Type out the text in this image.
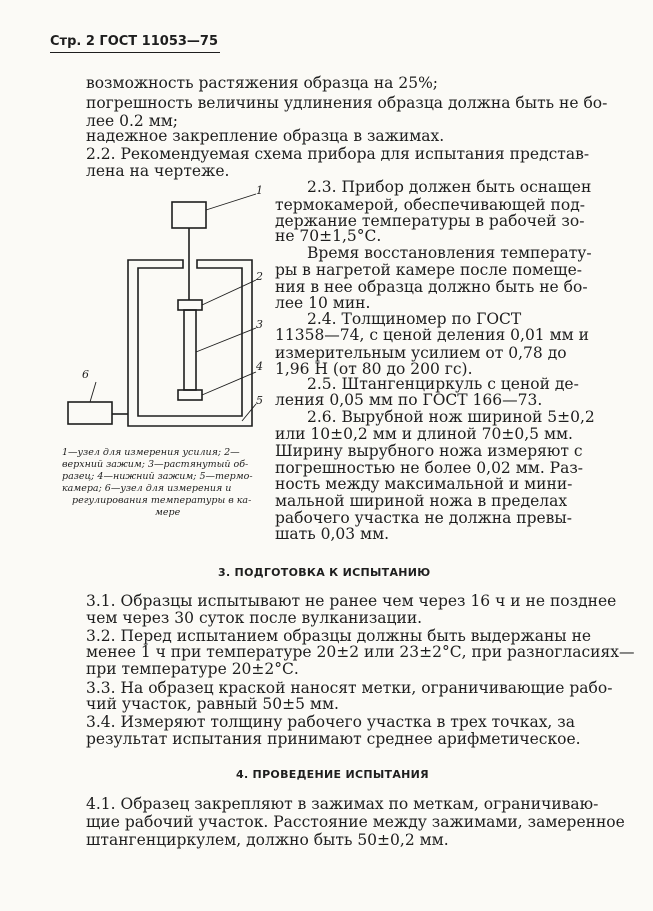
Стр. 2 ГОСТ 11053—75
возможность растяжения образца на 25%;
погрешность величины удлинения образца должна быть не бо-
лее 0.2 мм;
надежное закрепление образца в зажимах.
2.2. Рекомендуемая схема прибора для испытания представ-
лена на чертеже.
2.3. Прибор должен быть оснащен
термокамерой, обеспечивающей под-
держание температуры в рабочей зо-
не 70±1,5°С.
Время восстановления температу-
ры в нагретой камере после помеще-
ния в нее образца должно быть не бо-
лее 10 мин.
2.4. Толщиномер по ГОСТ
11358—74, с ценой деления 0,01 мм и
измерительным усилием от 0,78 до
1,96 Н (от 80 до 200 гс).
2.5. Штангенциркуль с ценой де-
ления 0,05 мм по ГОСТ 166—73.
2.6. Вырубной нож шириной 5±0,2
или 10±0,2 мм и длиной 70±0,5 мм.
Ширину вырубного ножа измеряют с
погрешностью не более 0,02 мм. Раз-
ность между максимальной и мини-
мальной шириной ножа в пределах
рабочего участка не должна превы-
шать 0,03 мм.
1
2
3
4
5
6
1—узел для измерения усилия; 2—
верхний зажим; 3—растянутый об-
разец; 4—нижний зажим; 5—термо-
камера; 6—узел для измерения и
регулирования температуры в ка-
мере
3. ПОДГОТОВКА К ИСПЫТАНИЮ
3.1. Образцы испытывают не ранее чем через 16 ч и не позднее
чем через 30 суток после вулканизации.
3.2. Перед испытанием образцы должны быть выдержаны не
менее 1 ч при температуре 20±2 или 23±2°С, при разногласиях—
при температуре 20±2°С.
3.3. На образец краской наносят метки, ограничивающие рабо-
чий участок, равный 50±5 мм.
3.4. Измеряют толщину рабочего участка в трех точках, за
результат испытания принимают среднее арифметическое.
4. ПРОВЕДЕНИЕ ИСПЫТАНИЯ
4.1. Образец закрепляют в зажимах по меткам, ограничиваю-
щие рабочий участок. Расстояние между зажимами, замеренное
штангенциркулем, должно быть 50±0,2 мм.
